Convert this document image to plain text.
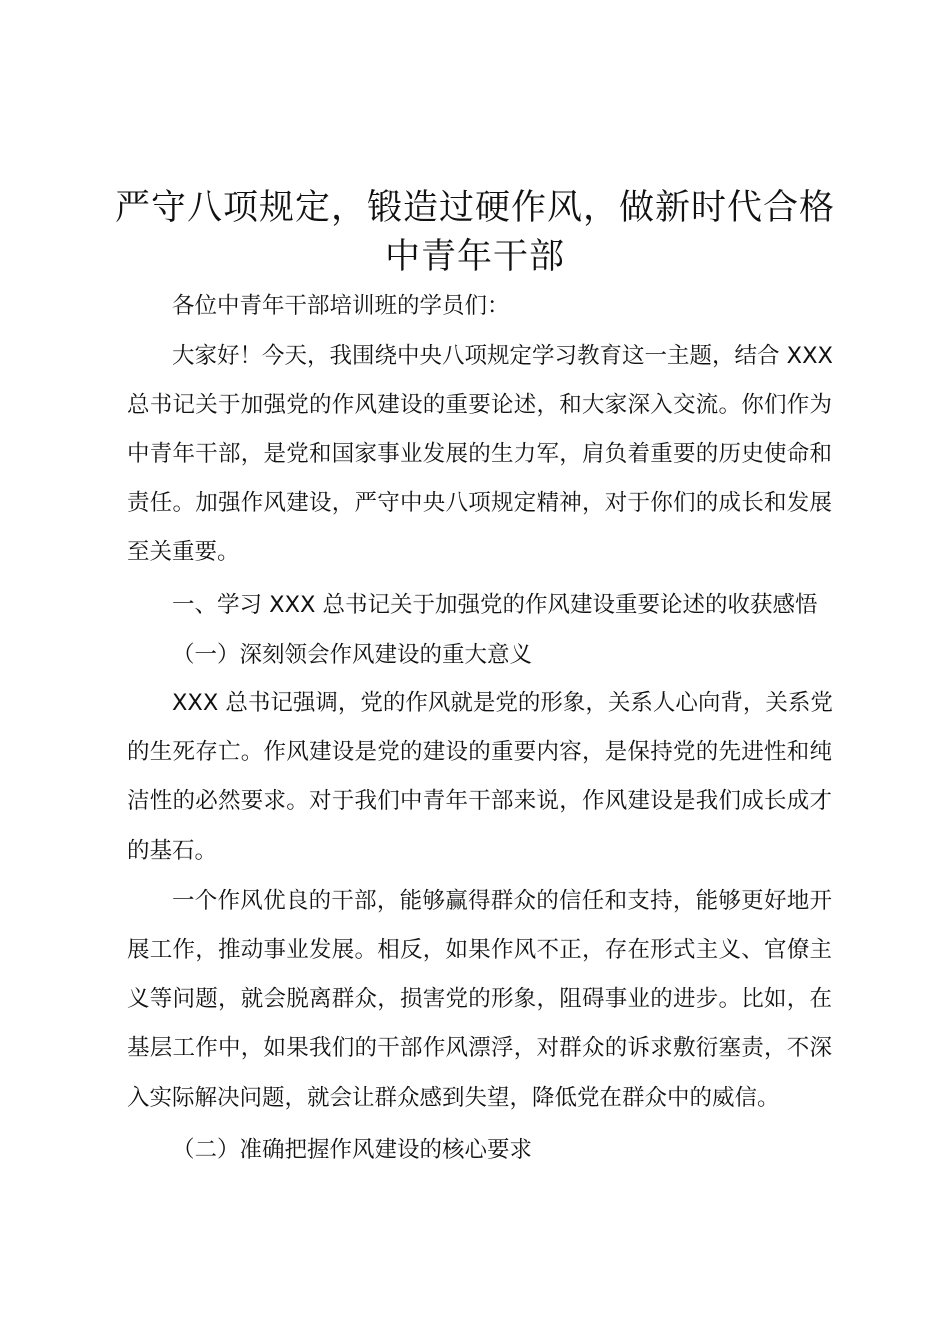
严守八项规定，锻造过硬作风，做新时代合格
中青年干部
各位中青年干部培训班的学员们：
大家好！今天，我围绕中央八项规定学习教育这一主题，结合 XXX
总书记关于加强党的作风建设的重要论述，和大家深入交流。你们作为
中青年干部，是党和国家事业发展的生力军，肩负着重要的历史使命和
责任。加强作风建设，严守中央八项规定精神，对于你们的成长和发展
至关重要。
一、学习 XXX 总书记关于加强党的作风建设重要论述的收获感悟
（一）深刻领会作风建设的重大意义
XXX 总书记强调，党的作风就是党的形象，关系人心向背，关系党
的生死存亡。作风建设是党的建设的重要内容，是保持党的先进性和纯
洁性的必然要求。对于我们中青年干部来说，作风建设是我们成长成才
的基石。
一个作风优良的干部，能够赢得群众的信任和支持，能够更好地开
展工作，推动事业发展。相反，如果作风不正，存在形式主义、官僚主
义等问题，就会脱离群众，损害党的形象，阻碍事业的进步。比如，在
基层工作中，如果我们的干部作风漂浮，对群众的诉求敷衍塞责，不深
入实际解决问题，就会让群众感到失望，降低党在群众中的威信。
（二）准确把握作风建设的核心要求
